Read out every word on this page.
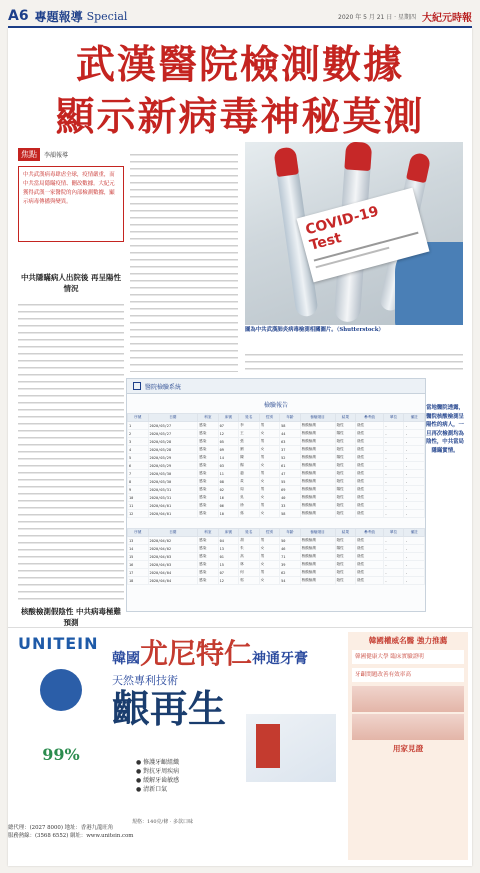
A6 專題報導 Special	2020 年 5 月 21 日 · 星期四 大紀元時報
武漢醫院檢測數據
顯示新病毒神秘莫測
焦點	李韻報導
中共武漢病毒肆虐全球，疫情嚴重，而中共當局隱瞞疫情、刪改數據。大紀元獲得武漢一家醫院的內部檢測數據，顯示病毒傳播與變異。
中共隱瞞病人出院後 再呈陽性情況
COVID-19 Test
圖為中共武漢肺炎病毒檢測相關圖片。（Shutterstock）
醫院檢驗系統
檢驗報告
序號	日期	科室	床號	姓名	性別	年齡	檢驗項目	結果	參考值	單位	備註
1	2020/03/27	感染	07	李	男	58	核酸檢測	陰性	陰性	-	-
2	2020/03/27	感染	12	王	女	44	核酸檢測	陽性	陰性	-	-
3	2020/03/28	感染	05	張	男	63	核酸檢測	陰性	陰性	-	-
4	2020/03/28	感染	09	劉	女	37	核酸檢測	陰性	陰性	-	-
5	2020/03/29	感染	14	陳	男	52	核酸檢測	陽性	陰性	-	-
6	2020/03/29	感染	03	楊	女	61	核酸檢測	陰性	陰性	-	-
7	2020/03/30	感染	11	趙	男	47	核酸檢測	陰性	陰性	-	-
8	2020/03/30	感染	08	黃	女	55	核酸檢測	陰性	陰性	-	-
9	2020/03/31	感染	02	周	男	69	核酸檢測	陽性	陰性	-	-
10	2020/03/31	感染	16	吳	女	40	核酸檢測	陰性	陰性	-	-
11	2020/04/01	感染	06	徐	男	33	核酸檢測	陰性	陰性	-	-
12	2020/04/01	感染	10	孫	女	58	核酸檢測	陰性	陰性	-	-
序號	日期	科室	床號	姓名	性別	年齡	檢驗項目	結果	參考值	單位	備註
13	2020/04/02	感染	04	胡	男	50	核酸檢測	陰性	陰性	-	-
14	2020/04/02	感染	13	朱	女	46	核酸檢測	陽性	陰性	-	-
15	2020/04/03	感染	01	高	男	71	核酸檢測	陰性	陰性	-	-
16	2020/04/03	感染	15	林	女	39	核酸檢測	陰性	陰性	-	-
17	2020/04/04	感染	07	何	男	62	核酸檢測	陰性	陰性	-	-
18	2020/04/04	感染	12	郭	女	54	核酸檢測	陰性	陰性	-	-
當地醫院透露，醫院核酸檢測呈陽性的病人，一旦再次檢測均為陰性，中共當局隱瞞實情。
核酸檢測假陰性 中共病毒極難預測
UNITEIN
99%
韓國尤尼特仁神通牙膏
天然專利技術
齦再生
● 修護牙齦組織
● 對抗牙周疾病
● 緩解牙齒敏感
● 清新口氣
規格：140克/條 · 多款口味
韓國權威名醫 強力推薦
韓國健康大學 臨床實驗證明
牙齦問題改善有效率高
用家見證
總代理：(2027 8000) 地址：香港九龍旺角
服務熱線：(3568 6552) 網址：www.unitein.com
